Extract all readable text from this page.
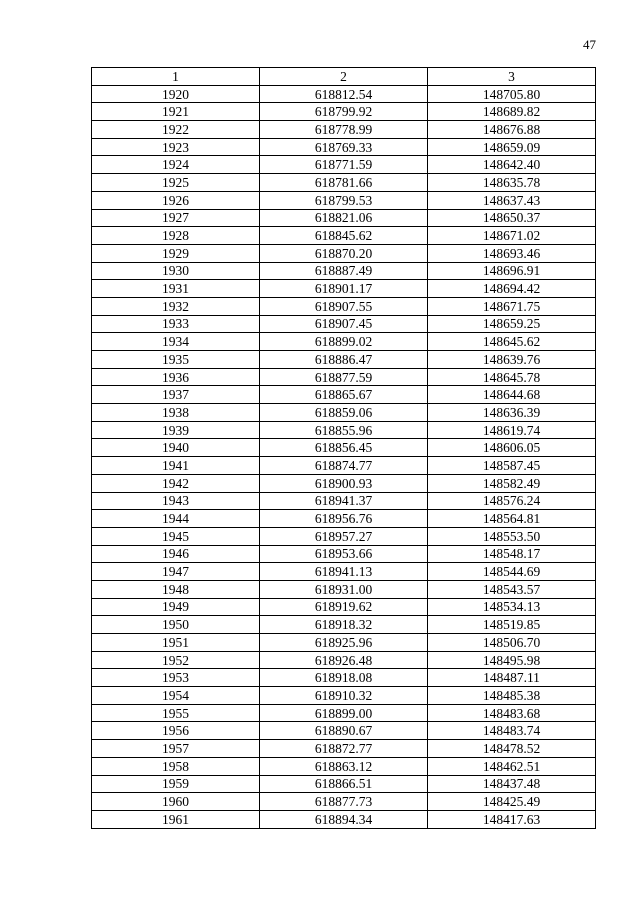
47
1	2	3
1920	618812.54	148705.80
1921	618799.92	148689.82
1922	618778.99	148676.88
1923	618769.33	148659.09
1924	618771.59	148642.40
1925	618781.66	148635.78
1926	618799.53	148637.43
1927	618821.06	148650.37
1928	618845.62	148671.02
1929	618870.20	148693.46
1930	618887.49	148696.91
1931	618901.17	148694.42
1932	618907.55	148671.75
1933	618907.45	148659.25
1934	618899.02	148645.62
1935	618886.47	148639.76
1936	618877.59	148645.78
1937	618865.67	148644.68
1938	618859.06	148636.39
1939	618855.96	148619.74
1940	618856.45	148606.05
1941	618874.77	148587.45
1942	618900.93	148582.49
1943	618941.37	148576.24
1944	618956.76	148564.81
1945	618957.27	148553.50
1946	618953.66	148548.17
1947	618941.13	148544.69
1948	618931.00	148543.57
1949	618919.62	148534.13
1950	618918.32	148519.85
1951	618925.96	148506.70
1952	618926.48	148495.98
1953	618918.08	148487.11
1954	618910.32	148485.38
1955	618899.00	148483.68
1956	618890.67	148483.74
1957	618872.77	148478.52
1958	618863.12	148462.51
1959	618866.51	148437.48
1960	618877.73	148425.49
1961	618894.34	148417.63
